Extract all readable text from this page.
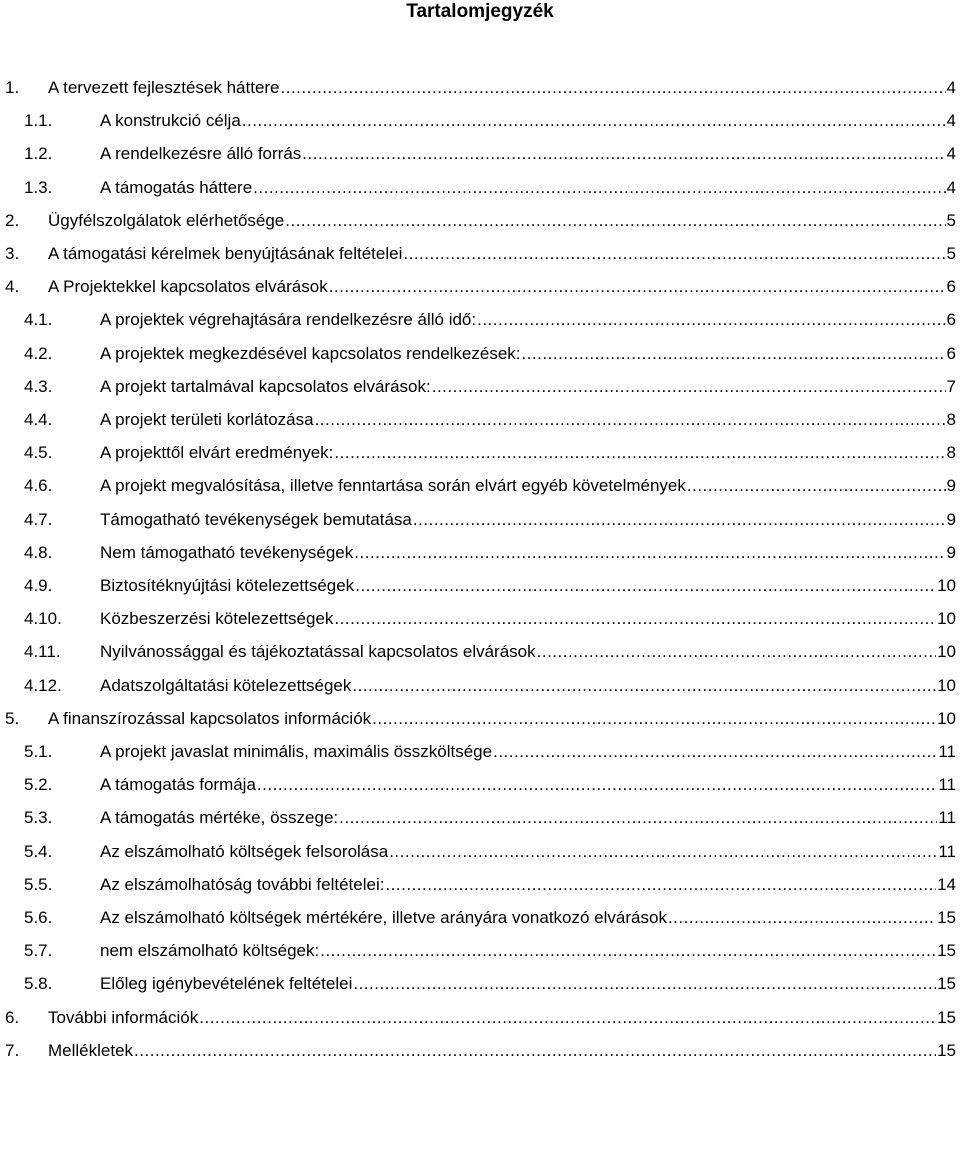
Tartalomjegyzék
1. A tervezett fejlesztések háttere .....	4
1.1.	A konstrukció célja .....	4
1.2.	A rendelkezésre álló forrás .....	4
1.3.	A támogatás háttere .....	4
2. Ügyfélszolgálatok elérhetősége .....	5
3. A támogatási kérelmek benyújtásának feltételei .....	5
4. A Projektekkel kapcsolatos elvárások .....	6
4.1.	A projektek végrehajtására rendelkezésre álló idő: .....	6
4.2.	A projektek megkezdésével kapcsolatos rendelkezések: .....	6
4.3.	A projekt tartalmával kapcsolatos elvárások: .....	7
4.4.	A projekt területi korlátozása .....	8
4.5.	A projekttől elvárt eredmények: .....	8
4.6.	A projekt megvalósítása, illetve fenntartása során elvárt egyéb követelmények .....	9
4.7.	Támogatható tevékenységek bemutatása .....	9
4.8.	Nem támogatható tevékenységek .....	9
4.9.	Biztosítéknyújtási kötelezettségek .....	10
4.10. Közbeszerzési kötelezettségek .....	10
4.11. Nyilvánossággal és tájékoztatással kapcsolatos elvárások .....	10
4.12. Adatszolgáltatási kötelezettségek .....	10
5. A finanszírozással kapcsolatos információk .....	10
5.1.	A projekt javaslat minimális, maximális összköltsége .....	11
5.2.	A támogatás formája .....	11
5.3.	A támogatás mértéke, összege: .....	11
5.4.	Az elszámolható költségek felsorolása .....	11
5.5.	Az elszámolhatóság további feltételei: .....	14
5.6.	Az elszámolható költségek mértékére, illetve arányára vonatkozó elvárások .....	15
5.7.	nem elszámolható költségek: .....	15
5.8.	Előleg igénybevételének feltételei .....	15
6. További információk .....	15
7. Mellékletek .....	15
